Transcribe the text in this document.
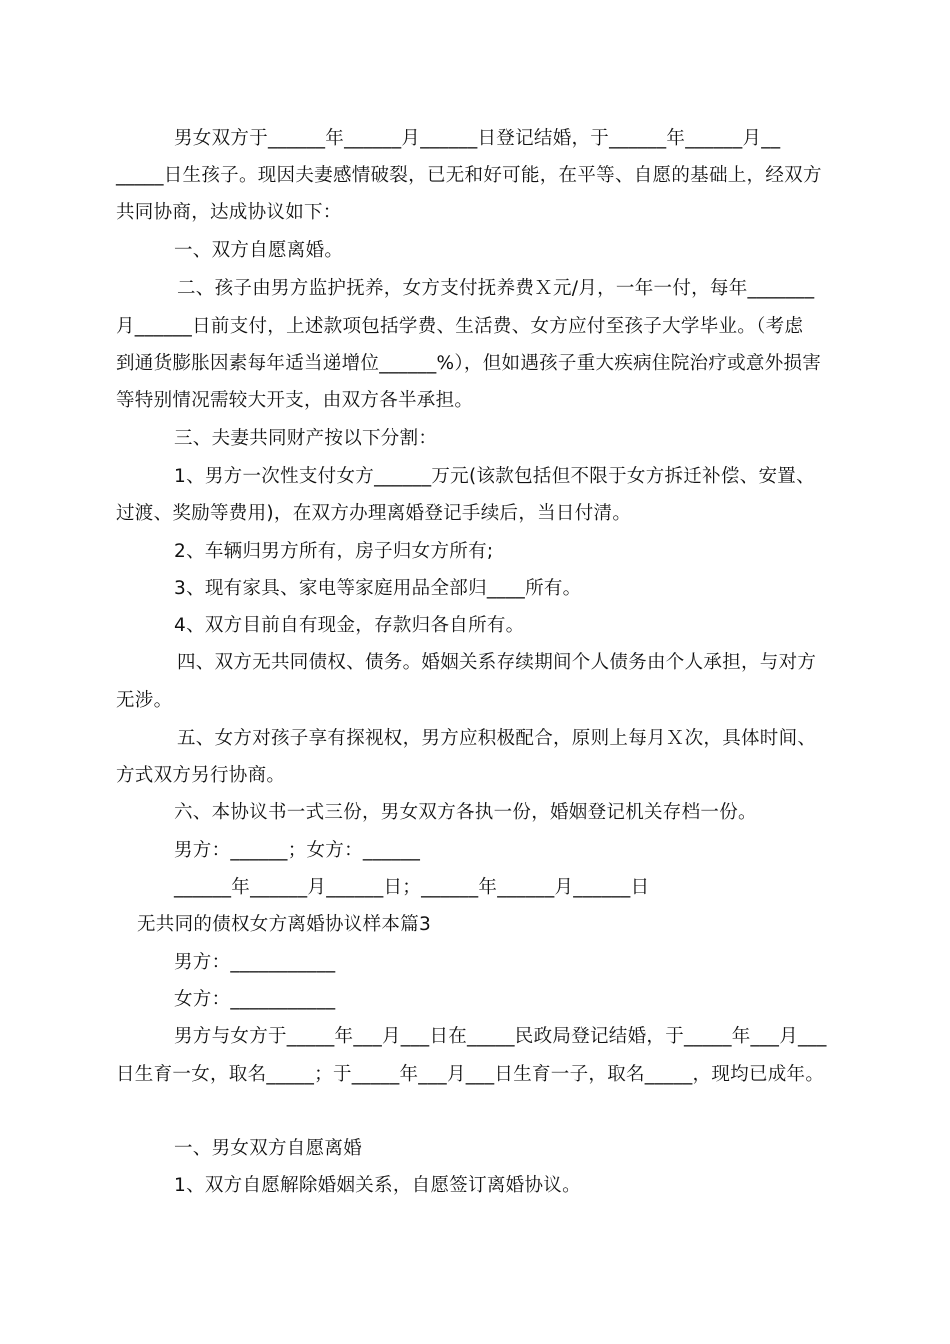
男女双方于______年______月______日登记结婚，于______年______月__
_____日生孩子。现因夫妻感情破裂，已无和好可能，在平等、自愿的基础上，经双方
共同协商，达成协议如下：
一、双方自愿离婚。
二、孩子由男方监护抚养，女方支付抚养费Ｘ元/月，一年一付，每年_______
月______日前支付，上述款项包括学费、生活费、女方应付至孩子大学毕业。（考虑
到通货膨胀因素每年适当递增位______%），但如遇孩子重大疾病住院治疗或意外损害
等特别情况需较大开支，由双方各半承担。
三、夫妻共同财产按以下分割：
1、男方一次性支付女方______万元(该款包括但不限于女方拆迁补偿、安置、
过渡、奖励等费用)，在双方办理离婚登记手续后，当日付清。
2、车辆归男方所有，房子归女方所有;
3、现有家具、家电等家庭用品全部归____所有。
4、双方目前自有现金，存款归各自所有。
四、双方无共同债权、债务。婚姻关系存续期间个人债务由个人承担，与对方
无涉。
五、女方对孩子享有探视权，男方应积极配合，原则上每月Ｘ次，具体时间、
方式双方另行协商。
六、本协议书一式三份，男女双方各执一份，婚姻登记机关存档一份。
男方：______；女方：______
______年______月______日；______年______月______日
无共同的债权女方离婚协议样本篇3
男方：___________
女方：___________
男方与女方于_____年___月___日在_____民政局登记结婚，于_____年___月___
日生育一女，取名_____；于_____年___月___日生育一子，取名_____，现均已成年。
一、男女双方自愿离婚
1、双方自愿解除婚姻关系，自愿签订离婚协议。
